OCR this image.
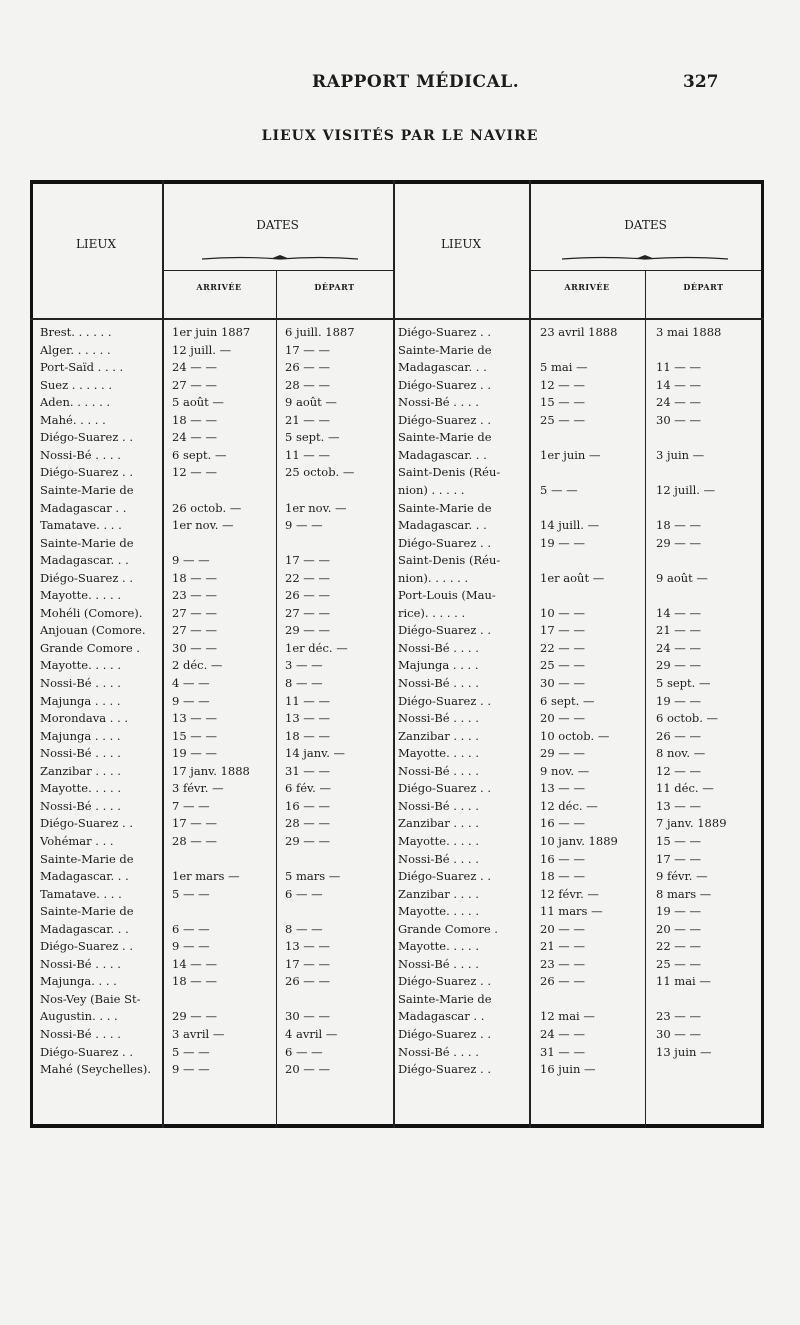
RAPPORT MÉDICAL.	327
LIEUX VISITÉS PAR LE NAVIRE
LIEUX
DATES
ARRIVÉE	DÉPART
LIEUX
DATES
ARRIVÉE	DÉPART
Brest. . . . . .	1er juin 1887	6 juill. 1887
Alger. . . . . .	12 juill. —	17 — —
Port-Saïd . . . .	24 — —	26 — —
Suez . . . . . .	27 — —	28 — —
Aden. . . . . .	5 août —	9 août —
Mahé. . . . .	18 — —	21 — —
Diégo-Suarez . .	24 — —	5 sept. —
Nossi-Bé . . . .	6 sept. —	11 — —
Diégo-Suarez . .	12 — —	25 octob. —
Sainte-Marie de
Madagascar . .	26 octob. —	1er nov. —
Tamatave. . . .	1er nov. —	9 — —
Sainte-Marie de
Madagascar. . .	9 — —	17 — —
Diégo-Suarez . .	18 — —	22 — —
Mayotte. . . . .	23 — —	26 — —
Mohéli (Comore).	27 — —	27 — —
Anjouan (Comore.	27 — —	29 — —
Grande Comore .	30 — —	1er déc. —
Mayotte. . . . .	2 déc. —	3 — —
Nossi-Bé . . . .	4 — —	8 — —
Majunga . . . .	9 — —	11 — —
Morondava . . .	13 — —	13 — —
Majunga . . . .	15 — —	18 — —
Nossi-Bé . . . .	19 — —	14 janv. —
Zanzibar . . . .	17 janv. 1888	31 — —
Mayotte. . . . .	3 févr. —	6 fév. —
Nossi-Bé . . . .	7 — —	16 — —
Diégo-Suarez . .	17 — —	28 — —
Vohémar . . .	28 — —	29 — —
Sainte-Marie de
Madagascar. . .	1er mars —	5 mars —
Tamatave. . . .	5 — —	6 — —
Sainte-Marie de
Madagascar. . .	6 — —	8 — —
Diégo-Suarez . .	9 — —	13 — —
Nossi-Bé . . . .	14 — —	17 — —
Majunga. . . .	18 — —	26 — —
Nos-Vey (Baie St-
Augustin. . . .	29 — —	30 — —
Nossi-Bé . . . .	3 avril —	4 avril —
Diégo-Suarez . .	5 — —	6 — —
Mahé (Seychelles).	9 — —	20 — —
Diégo-Suarez . .	23 avril 1888	3 mai 1888
Sainte-Marie de
Madagascar. . .	5 mai —	11 — —
Diégo-Suarez . .	12 — —	14 — —
Nossi-Bé . . . .	15 — —	24 — —
Diégo-Suarez . .	25 — —	30 — —
Sainte-Marie de
Madagascar. . .	1er juin —	3 juin —
Saint-Denis (Réu-
nion) . . . . .	5 — —	12 juill. —
Sainte-Marie de
Madagascar. . .	14 juill. —	18 — —
Diégo-Suarez . .	19 — —	29 — —
Saint-Denis (Réu-
nion). . . . . .	1er août —	9 août —
Port-Louis (Mau-
rice). . . . . .	10 — —	14 — —
Diégo-Suarez . .	17 — —	21 — —
Nossi-Bé . . . .	22 — —	24 — —
Majunga . . . .	25 — —	29 — —
Nossi-Bé . . . .	30 — —	5 sept. —
Diégo-Suarez . .	6 sept. —	19 — —
Nossi-Bé . . . .	20 — —	6 octob. —
Zanzibar . . . .	10 octob. —	26 — —
Mayotte. . . . .	29 — —	8 nov. —
Nossi-Bé . . . .	9 nov. —	12 — —
Diégo-Suarez . .	13 — —	11 déc. —
Nossi-Bé . . . .	12 déc. —	13 — —
Zanzibar . . . .	16 — —	7 janv. 1889
Mayotte. . . . .	10 janv. 1889	15 — —
Nossi-Bé . . . .	16 — —	17 — —
Diégo-Suarez . .	18 — —	9 févr. —
Zanzibar . . . .	12 févr. —	8 mars —
Mayotte. . . . .	11 mars —	19 — —
Grande Comore .	20 — —	20 — —
Mayotte. . . . .	21 — —	22 — —
Nossi-Bé . . . .	23 — —	25 — —
Diégo-Suarez . .	26 — —	11 mai —
Sainte-Marie de
Madagascar . .	12 mai —	23 — —
Diégo-Suarez . .	24 — —	30 — —
Nossi-Bé . . . .	31 — —	13 juin —
Diégo-Suarez . .	16 juin —
